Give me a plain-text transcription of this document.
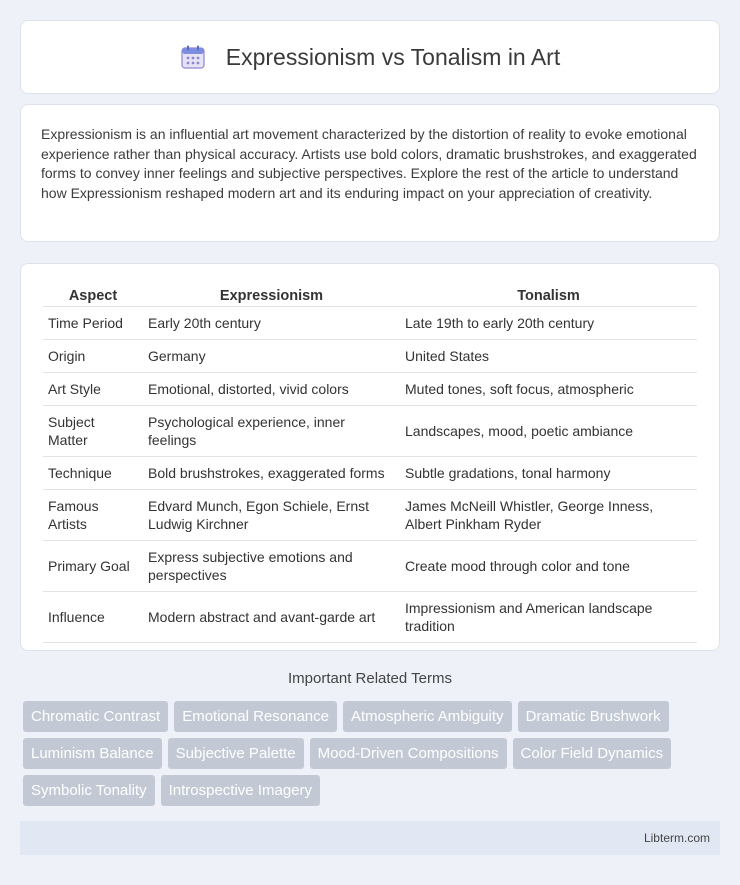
Expressionism vs Tonalism in Art

Expressionism is an influential art movement characterized by the distortion of reality to evoke emotional experience rather than physical accuracy. Artists use bold colors, dramatic brushstrokes, and exaggerated forms to convey inner feelings and subjective perspectives. Explore the rest of the article to understand how Expressionism reshaped modern art and its enduring impact on your appreciation of creativity.

Aspect	Expressionism	Tonalism
Time Period	Early 20th century	Late 19th to early 20th century
Origin	Germany	United States
Art Style	Emotional, distorted, vivid colors	Muted tones, soft focus, atmospheric
Subject Matter	Psychological experience, inner feelings	Landscapes, mood, poetic ambiance
Technique	Bold brushstrokes, exaggerated forms	Subtle gradations, tonal harmony
Famous Artists	Edvard Munch, Egon Schiele, Ernst Ludwig Kirchner	James McNeill Whistler, George Inness, Albert Pinkham Ryder
Primary Goal	Express subjective emotions and perspectives	Create mood through color and tone
Influence	Modern abstract and avant-garde art	Impressionism and American landscape tradition
Important Related Terms
Chromatic Contrast	Emotional Resonance	Atmospheric Ambiguity	Dramatic Brushwork
Luminism Balance	Subjective Palette	Mood-Driven Compositions	Color Field Dynamics
Symbolic Tonality	Introspective Imagery
Libterm.com
